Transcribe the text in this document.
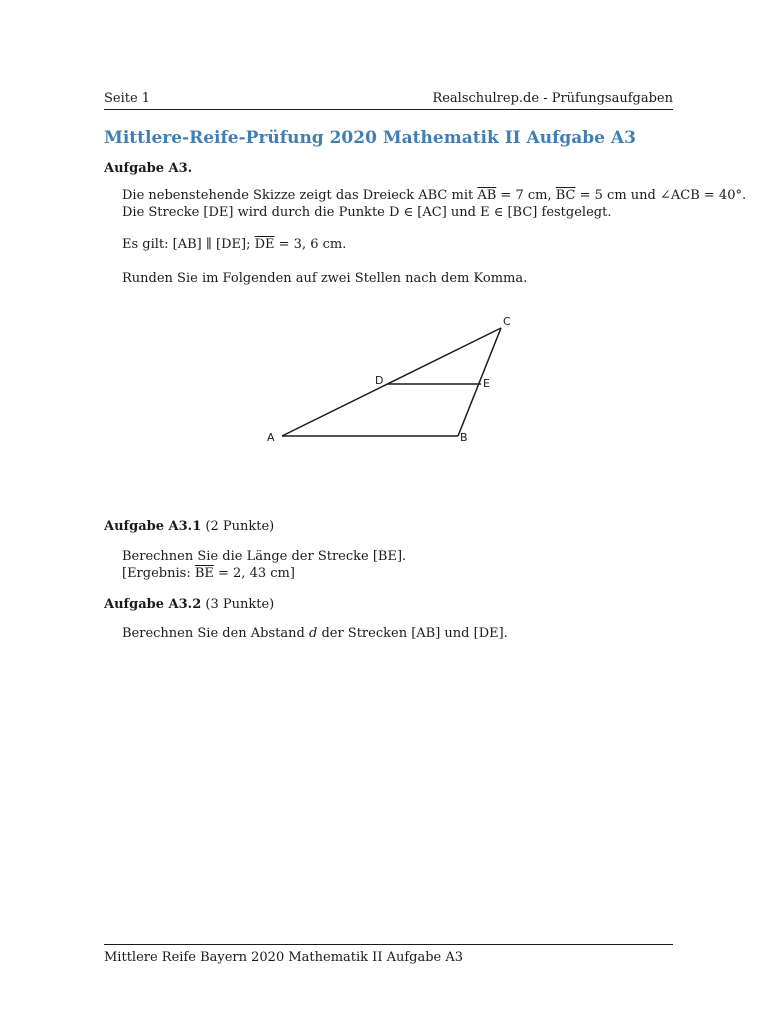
Seite 1	Realschulrep.de - Prüfungsaufgaben
Mittlere-Reife-Prüfung 2020 Mathematik II Aufgabe A3
Aufgabe A3.
Die nebenstehende Skizze zeigt das Dreieck ABC mit $\overline{AB} = 7$ cm, $\overline{BC} = 5$ cm und ∠ACB = 40°.
Die Strecke [DE] wird durch die Punkte D ∈ [AC] und E ∈ [BC] festgelegt.
Es gilt: [AB] ∥ [DE]; $\overline{DE} = 3$, 6 cm.
Runden Sie im Folgenden auf zwei Stellen nach dem Komma.
A	B
C
D	E
Aufgabe A3.1 (2 Punkte)
Berechnen Sie die Länge der Strecke [BE].
[Ergebnis: $\overline{BE} = 2$, 43 cm]
Aufgabe A3.2 (3 Punkte)
Berechnen Sie den Abstand d der Strecken [AB] und [DE].
Mittlere Reife Bayern 2020 Mathematik II Aufgabe A3
